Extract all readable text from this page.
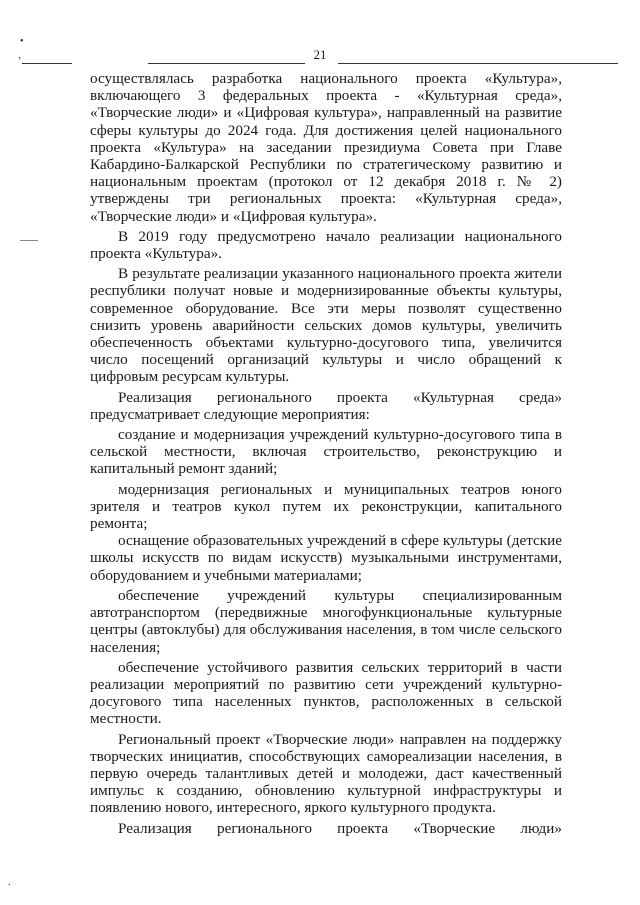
•
ʼ	21

осуществлялась разработка национального проекта «Культура», включающего 3 федеральных проекта - «Культурная среда», «Творческие люди» и «Цифровая культура», направленный на развитие сферы культуры до 2024 года. Для достижения целей национального проекта «Культура» на заседании президиума Совета при Главе Кабардино-Балкарской Республики по стратегическому развитию и национальным проектам (протокол от 12 декабря 2018 г. № 2) утверждены три региональных проекта: «Культурная среда», «Творческие люди» и «Цифровая культура».

В 2019 году предусмотрено начало реализации национального проекта «Культура».

В результате реализации указанного национального проекта жители республики получат новые и модернизированные объекты культуры, современное оборудование. Все эти меры позволят существенно снизить уровень аварийности сельских домов культуры, увеличить обеспеченность объектами культурно-досугового типа, увеличится число посещений организаций культуры и число обращений к цифровым ресурсам культуры.

Реализация регионального проекта «Культурная среда» предусматривает следующие мероприятия:

создание и модернизация учреждений культурно-досугового типа в сельской местности, включая строительство, реконструкцию и капитальный ремонт зданий;

модернизация региональных и муниципальных театров юного зрителя и театров кукол путем их реконструкции, капитального ремонта;

оснащение образовательных учреждений в сфере культуры (детские школы искусств по видам искусств) музыкальными инструментами, оборудованием и учебными материалами;

обеспечение учреждений культуры специализированным автотранспортом (передвижные многофункциональные культурные центры (автоклубы) для обслуживания населения, в том числе сельского населения;

обеспечение устойчивого развития сельских территорий в части реализации мероприятий по развитию сети учреждений культурно-досугового типа населенных пунктов, расположенных в сельской местности.

Региональный проект «Творческие люди» направлен на поддержку творческих инициатив, способствующих самореализации населения, в первую очередь талантливых детей и молодежи, даст качественный импульс к созданию, обновлению культурной инфраструктуры и появлению нового, интересного, яркого культурного продукта.

Реализация регионального проекта «Творческие люди»

.
